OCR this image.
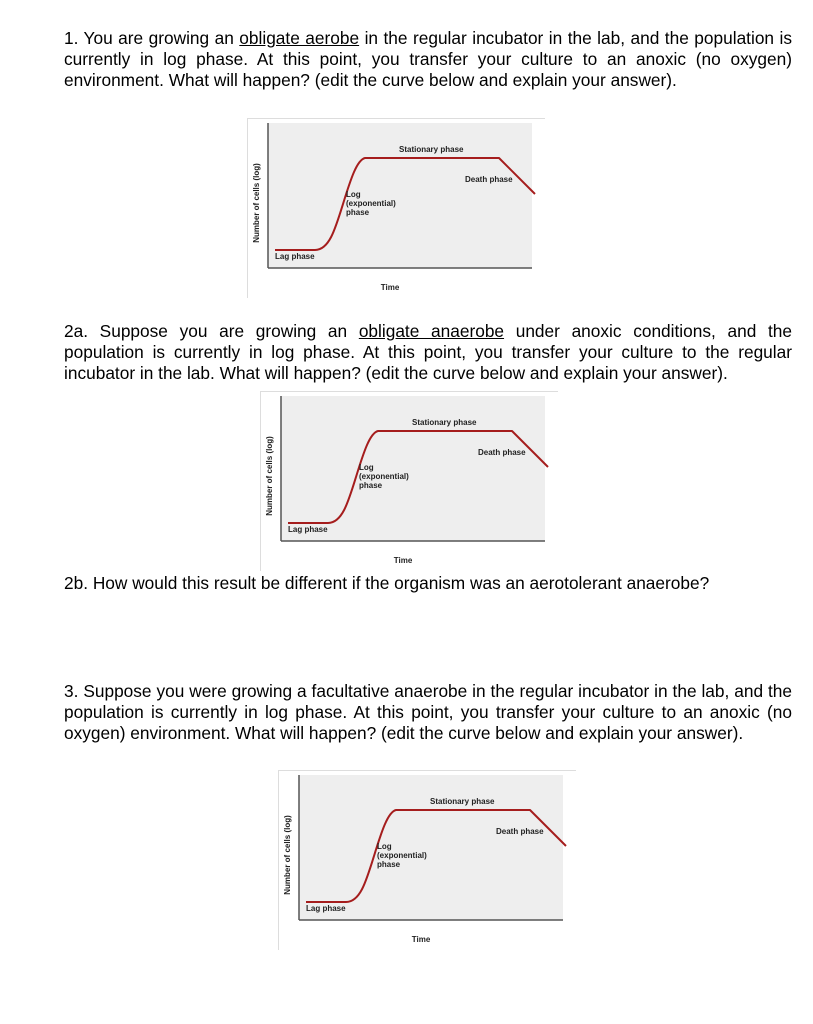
1. You are growing an obligate aerobe in the regular incubator in the lab, and the population is currently in log phase. At this point, you transfer your culture to an anoxic (no oxygen) environment. What will happen? (edit the curve below and explain your answer).

Number of cells (log)
Time
Lag phase
Log
(exponential)
phase
Stationary phase
Death phase

2a. Suppose you are growing an obligate anaerobe under anoxic conditions, and the population is currently in log phase. At this point, you transfer your culture to the regular incubator in the lab. What will happen? (edit the curve below and explain your answer).

Number of cells (log)
Time
Lag phase
Log
(exponential)
phase
Stationary phase
Death phase

2b. How would this result be different if the organism was an aerotolerant anaerobe?

3. Suppose you were growing a facultative anaerobe in the regular incubator in the lab, and the population is currently in log phase. At this point, you transfer your culture to an anoxic (no oxygen) environment. What will happen? (edit the curve below and explain your answer).

Number of cells (log)
Time
Lag phase
Log
(exponential)
phase
Stationary phase
Death phase
